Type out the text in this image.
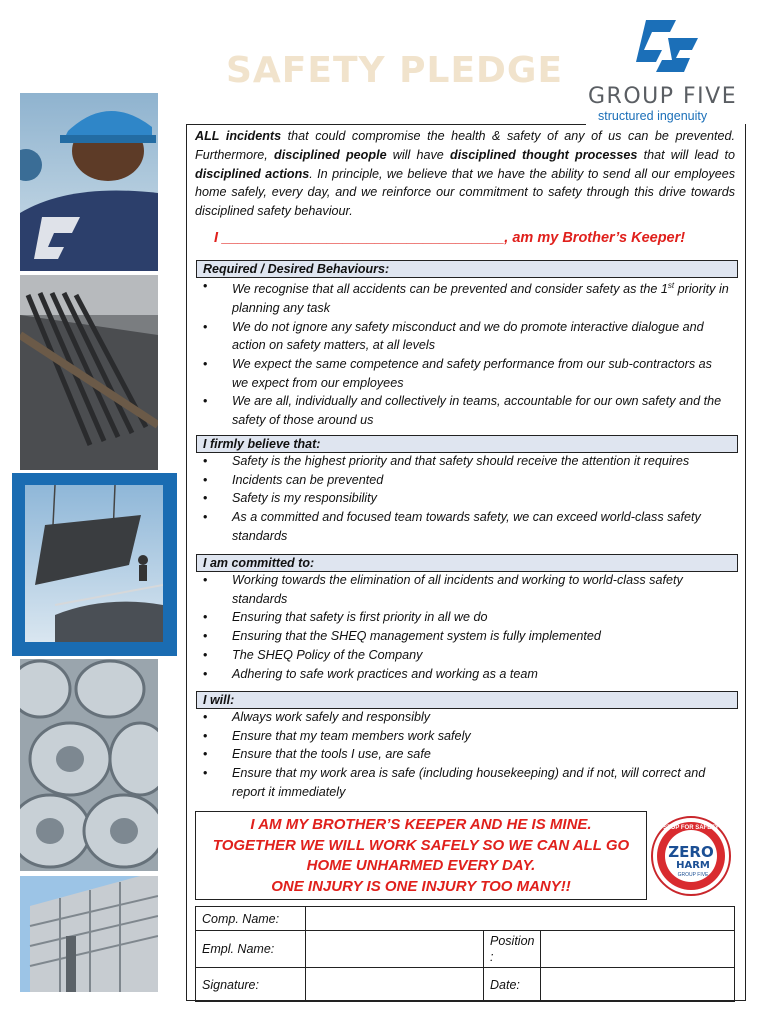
SAFETY PLEDGE
GROUP FIVE
structured ingenuity

ALL incidents that could compromise the health & safety of any of us can be prevented. Furthermore, disciplined people will have disciplined thought processes that will lead to disciplined actions. In principle, we believe that we have the ability to send all our employees home safely, every day, and we reinforce our commitment to safety through this drive towards disciplined safety behaviour.

I ___________________________________, am my Brother’s Keeper!
Required / Desired Behaviours:
• We recognise that all accidents can be prevented and consider safety as the 1st priority in planning any task
• We do not ignore any safety misconduct and we do promote interactive dialogue and action on safety matters, at all levels
• We expect the same competence and safety performance from our sub-contractors as we expect from our employees
• We are all, individually and collectively in teams, accountable for our own safety and the safety of those around us
I firmly believe that:
• Safety is the highest priority and that safety should receive the attention it requires
• Incidents can be prevented
• Safety is my responsibility
• As a committed and focused team towards safety, we can exceed world-class safety standards
I am committed to:
• Working towards the elimination of all incidents and working to world-class safety standards
• Ensuring that safety is first priority in all we do
• Ensuring that the SHEQ management system is fully implemented
• The SHEQ Policy of the Company
• Adhering to safe work practices and working as a team
I will:
• Always work safely and responsibly
• Ensure that my team members work safely
• Ensure that the tools I use, are safe
• Ensure that my work area is safe (including housekeeping) and if not, will correct and report it immediately
I AM MY BROTHER’S KEEPER AND HE IS MINE.
TOGETHER WE WILL WORK SAFELY SO WE CAN ALL GO
HOME UNHARMED EVERY DAY.
ONE INJURY IS ONE INJURY TOO MANY!!
STOP FOR SAFETY
ZERO
HARM
GROUP FIVE
Comp. Name:			
Empl. Name:		Position
:	

Signature:		Date:	
